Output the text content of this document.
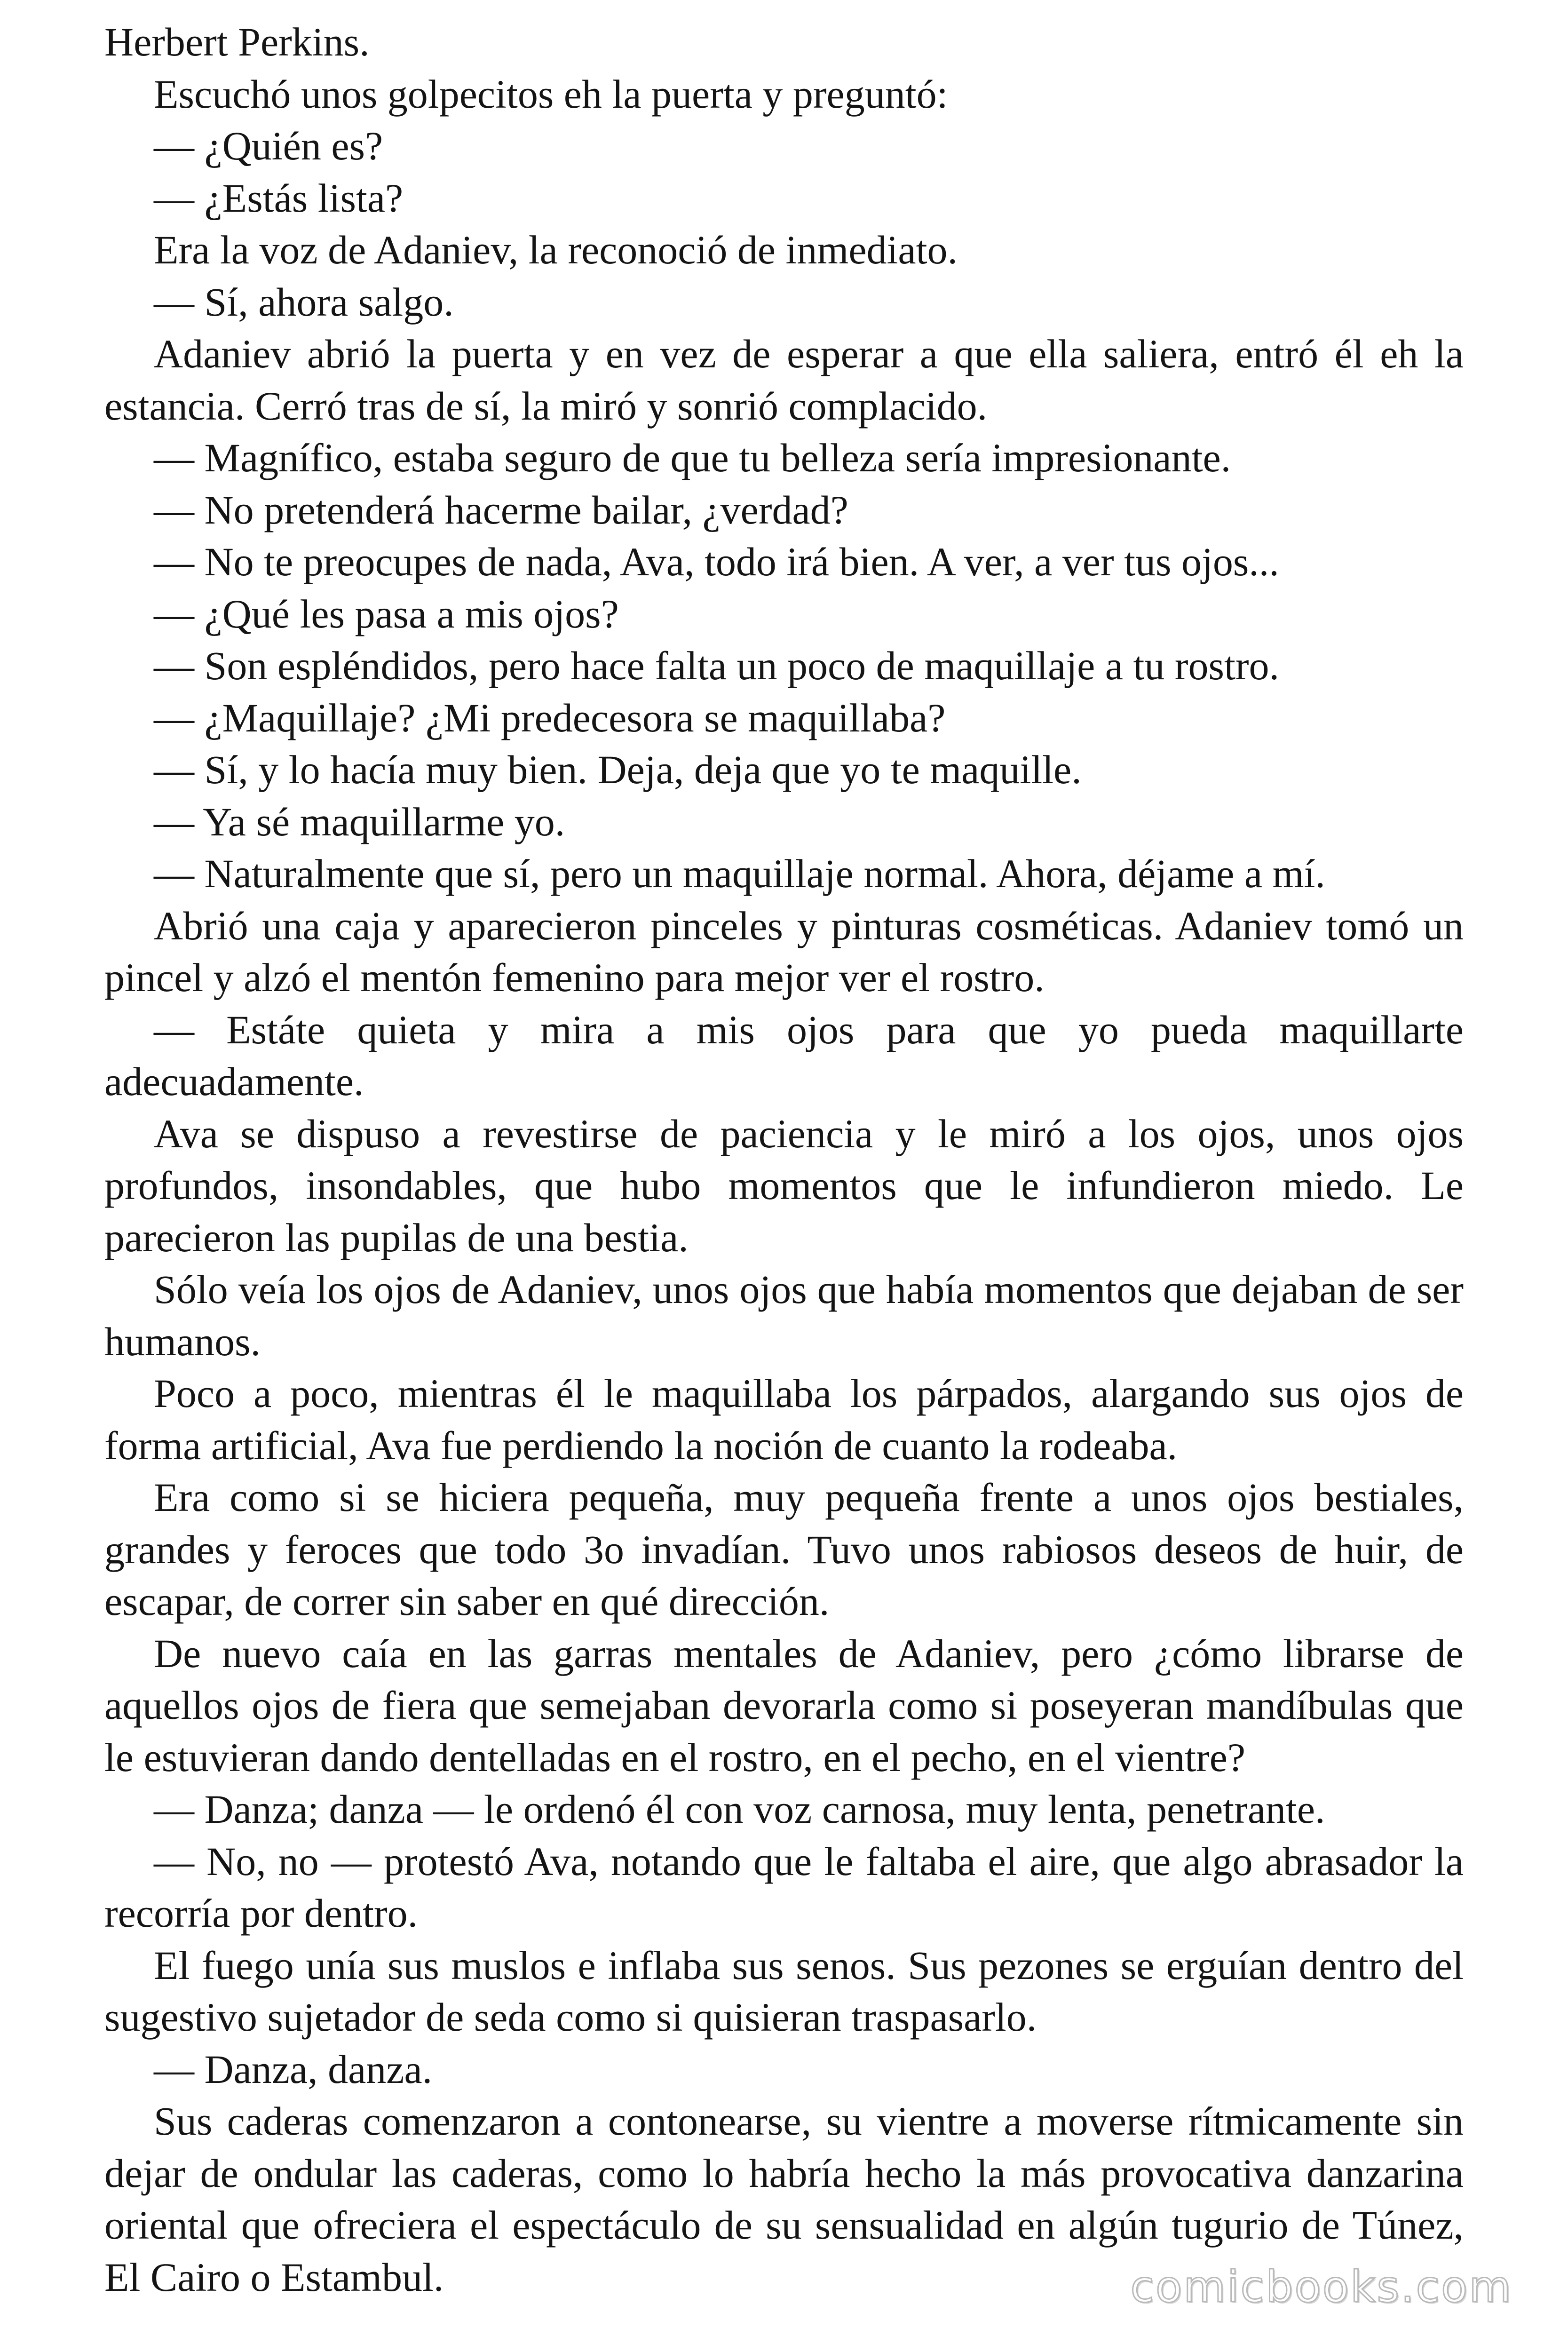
Herbert Perkins.

Escuchó unos golpecitos eh la puerta y preguntó:

— ¿Quién es?

— ¿Estás lista?

Era la voz de Adaniev, la reconoció de inmediato.

— Sí, ahora salgo.

Adaniev abrió la puerta y en vez de esperar a que ella saliera, entró él eh la estancia. Cerró tras de sí, la miró y sonrió complacido.

— Magnífico, estaba seguro de que tu belleza sería impresionante.

— No pretenderá hacerme bailar, ¿verdad?

— No te preocupes de nada, Ava, todo irá bien. A ver, a ver tus ojos...

— ¿Qué les pasa a mis ojos?

— Son espléndidos, pero hace falta un poco de maquillaje a tu rostro.

— ¿Maquillaje? ¿Mi predecesora se maquillaba?

— Sí, y lo hacía muy bien. Deja, deja que yo te maquille.

— Ya sé maquillarme yo.

— Naturalmente que sí, pero un maquillaje normal. Ahora, déjame a mí.

Abrió una caja y aparecieron pinceles y pinturas cosméticas. Adaniev tomó un pincel y alzó el mentón femenino para mejor ver el rostro.

— Estáte quieta y mira a mis ojos para que yo pueda maquillarte adecuadamente.

Ava se dispuso a revestirse de paciencia y le miró a los ojos, unos ojos profundos, insondables, que hubo momentos que le infundieron miedo. Le parecieron las pupilas de una bestia.

Sólo veía los ojos de Adaniev, unos ojos que había momentos que dejaban de ser humanos.

Poco a poco, mientras él le maquillaba los párpados, alargando sus ojos de forma artificial, Ava fue perdiendo la noción de cuanto la rodeaba.

Era como si se hiciera pequeña, muy pequeña frente a unos ojos bestiales, grandes y feroces que todo 3o invadían. Tuvo unos rabiosos deseos de huir, de escapar, de correr sin saber en qué dirección.

De nuevo caía en las garras mentales de Adaniev, pero ¿cómo librarse de aquellos ojos de fiera que semejaban devorarla como si poseyeran mandíbulas que le estuvieran dando dentelladas en el rostro, en el pecho, en el vientre?

— Danza; danza — le ordenó él con voz carnosa, muy lenta, penetrante.

— No, no — protestó Ava, notando que le faltaba el aire, que algo abrasador la recorría por dentro.

El fuego unía sus muslos e inflaba sus senos. Sus pezones se erguían dentro del sugestivo sujetador de seda como si quisieran traspasarlo.

— Danza, danza.

Sus caderas comenzaron a contonearse, su vientre a moverse rítmicamente sin dejar de ondular las caderas, como lo habría hecho la más provocativa danzarina oriental que ofreciera el espectáculo de su sensualidad en algún tugurio de Túnez, El Cairo o Estambul.	comicbooks.com
